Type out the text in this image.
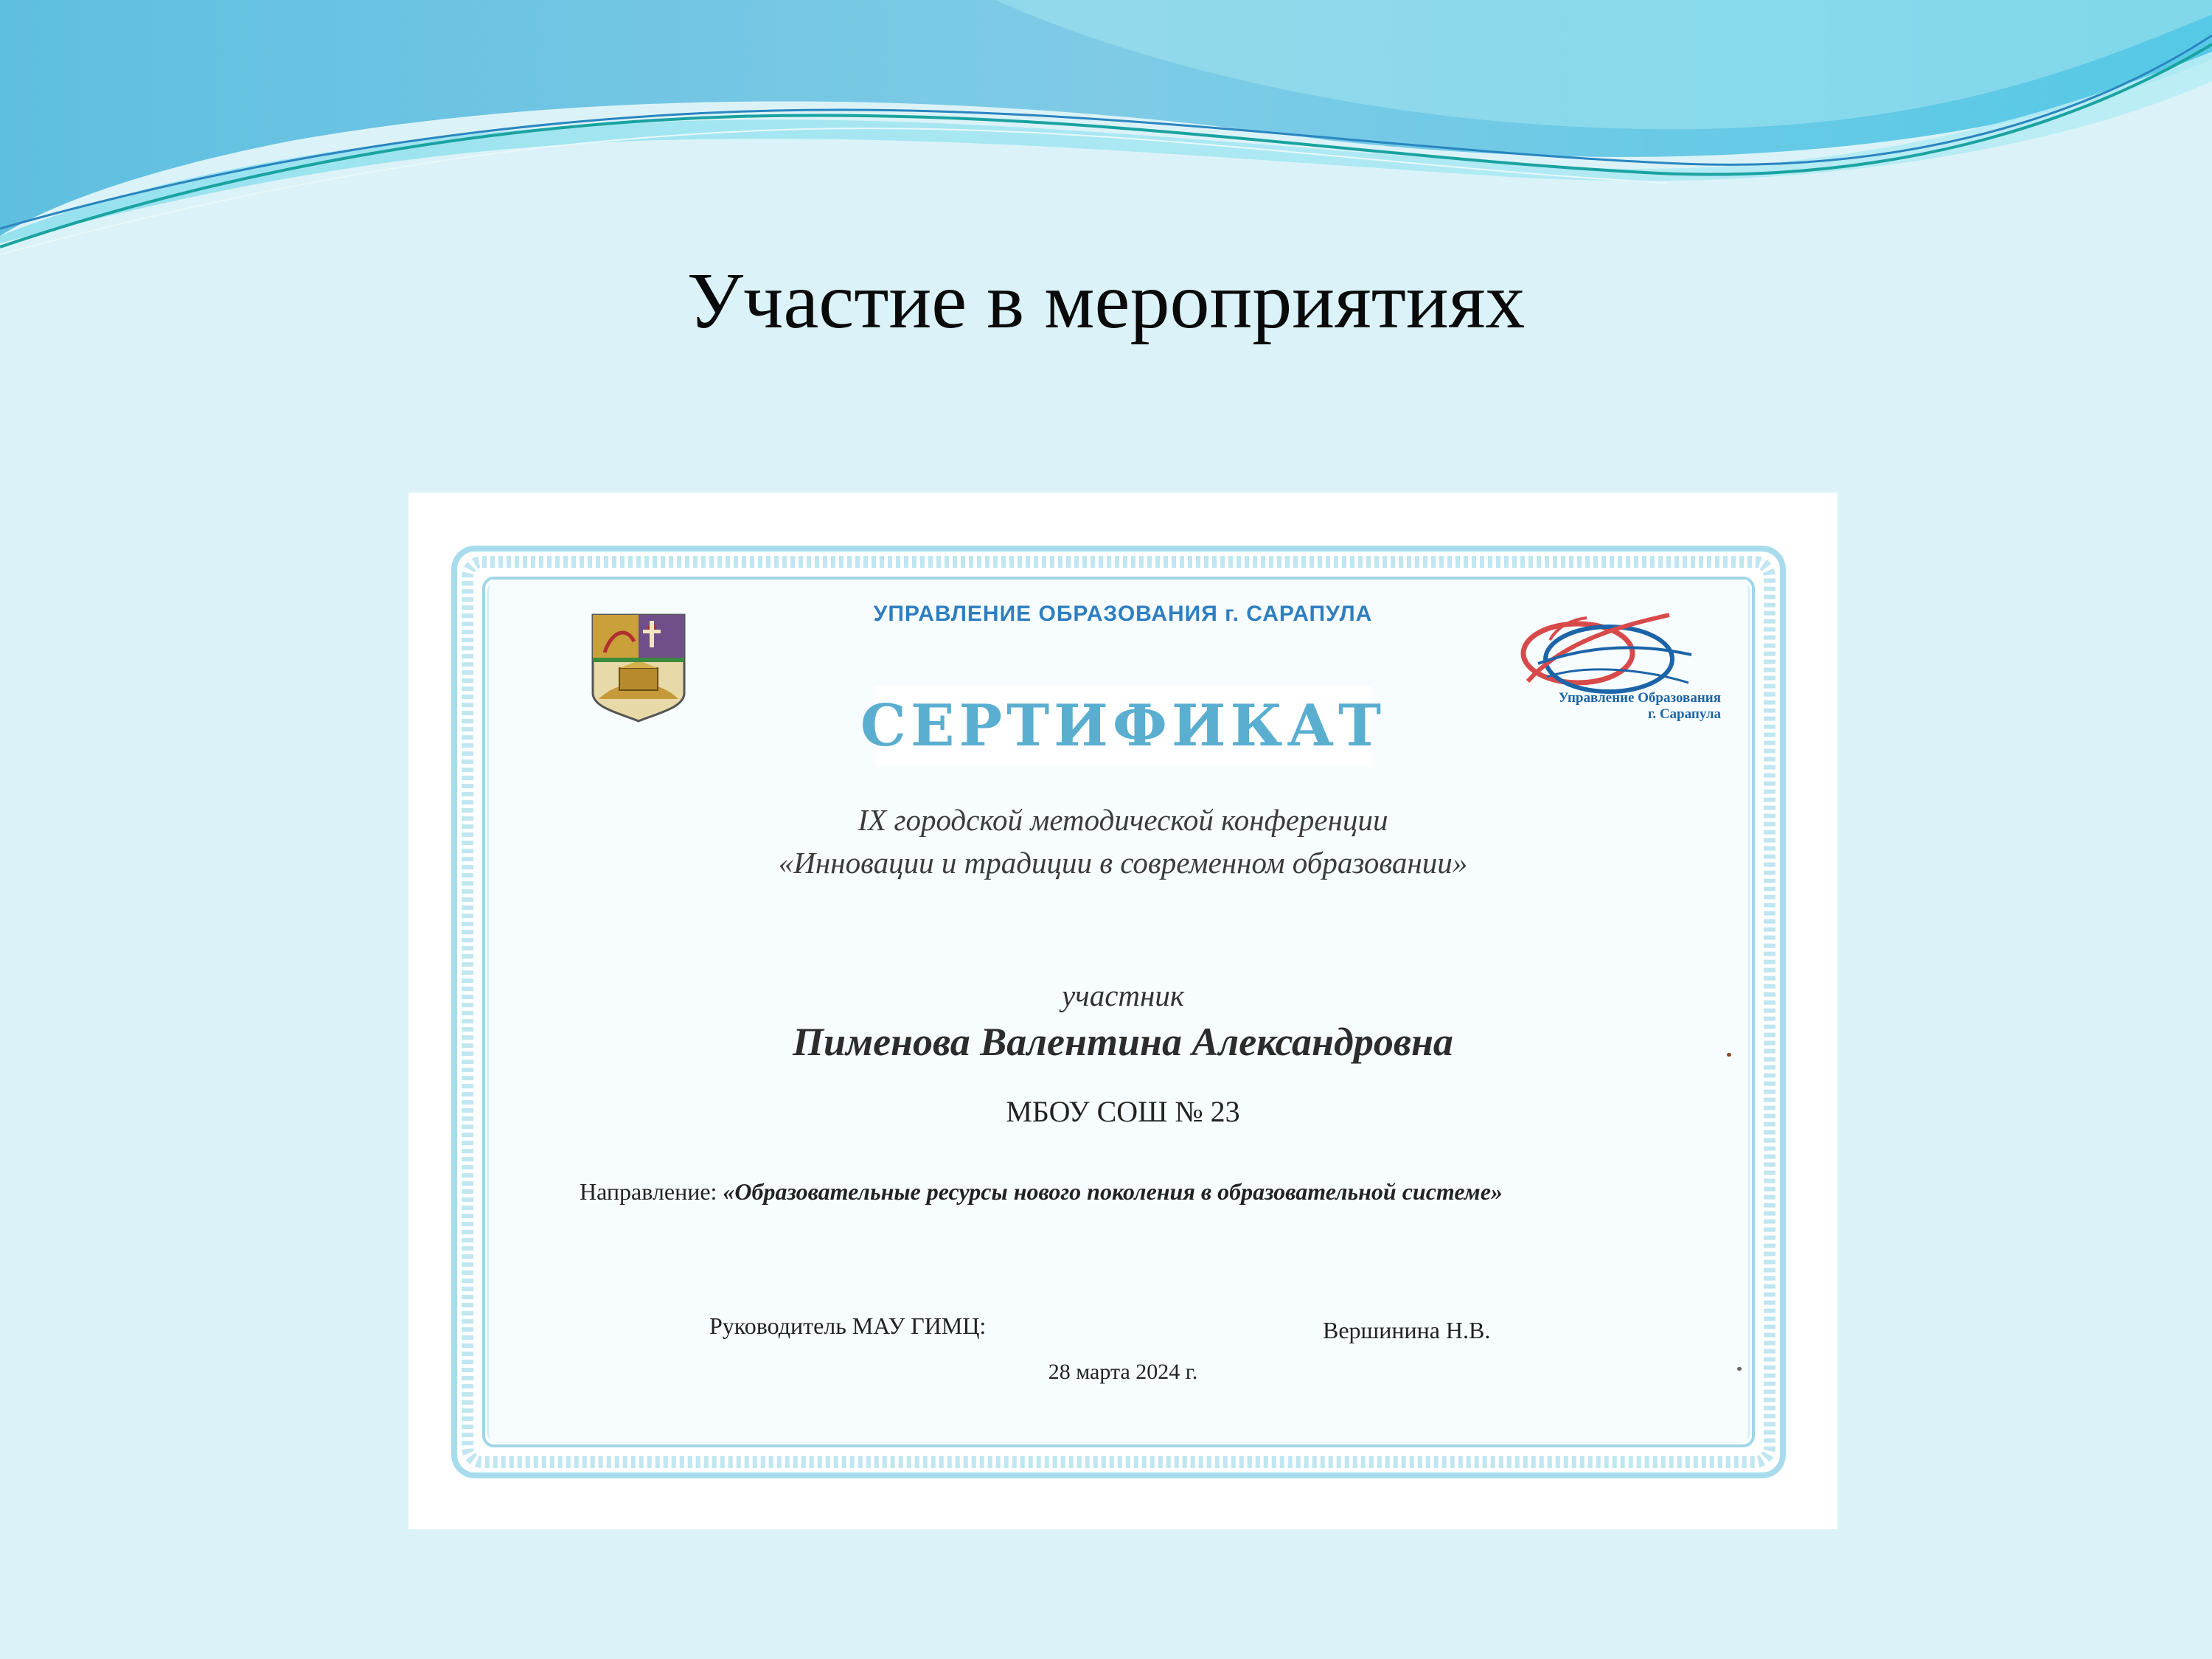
Участие в мероприятиях
Управление Образования
г. Сарапула
УПРАВЛЕНИЕ ОБРАЗОВАНИЯ г. САРАПУЛА
СЕРТИФИКАТ
IX городской методической конференции
«Инновации и традиции в современном образовании»
участник
Пименова Валентина Александровна
МБОУ СОШ № 23
Направление: «Образовательные ресурсы нового поколения в образовательной системе»
Руководитель МАУ ГИМЦ:	Вершинина Н.В.
28 марта 2024 г.
